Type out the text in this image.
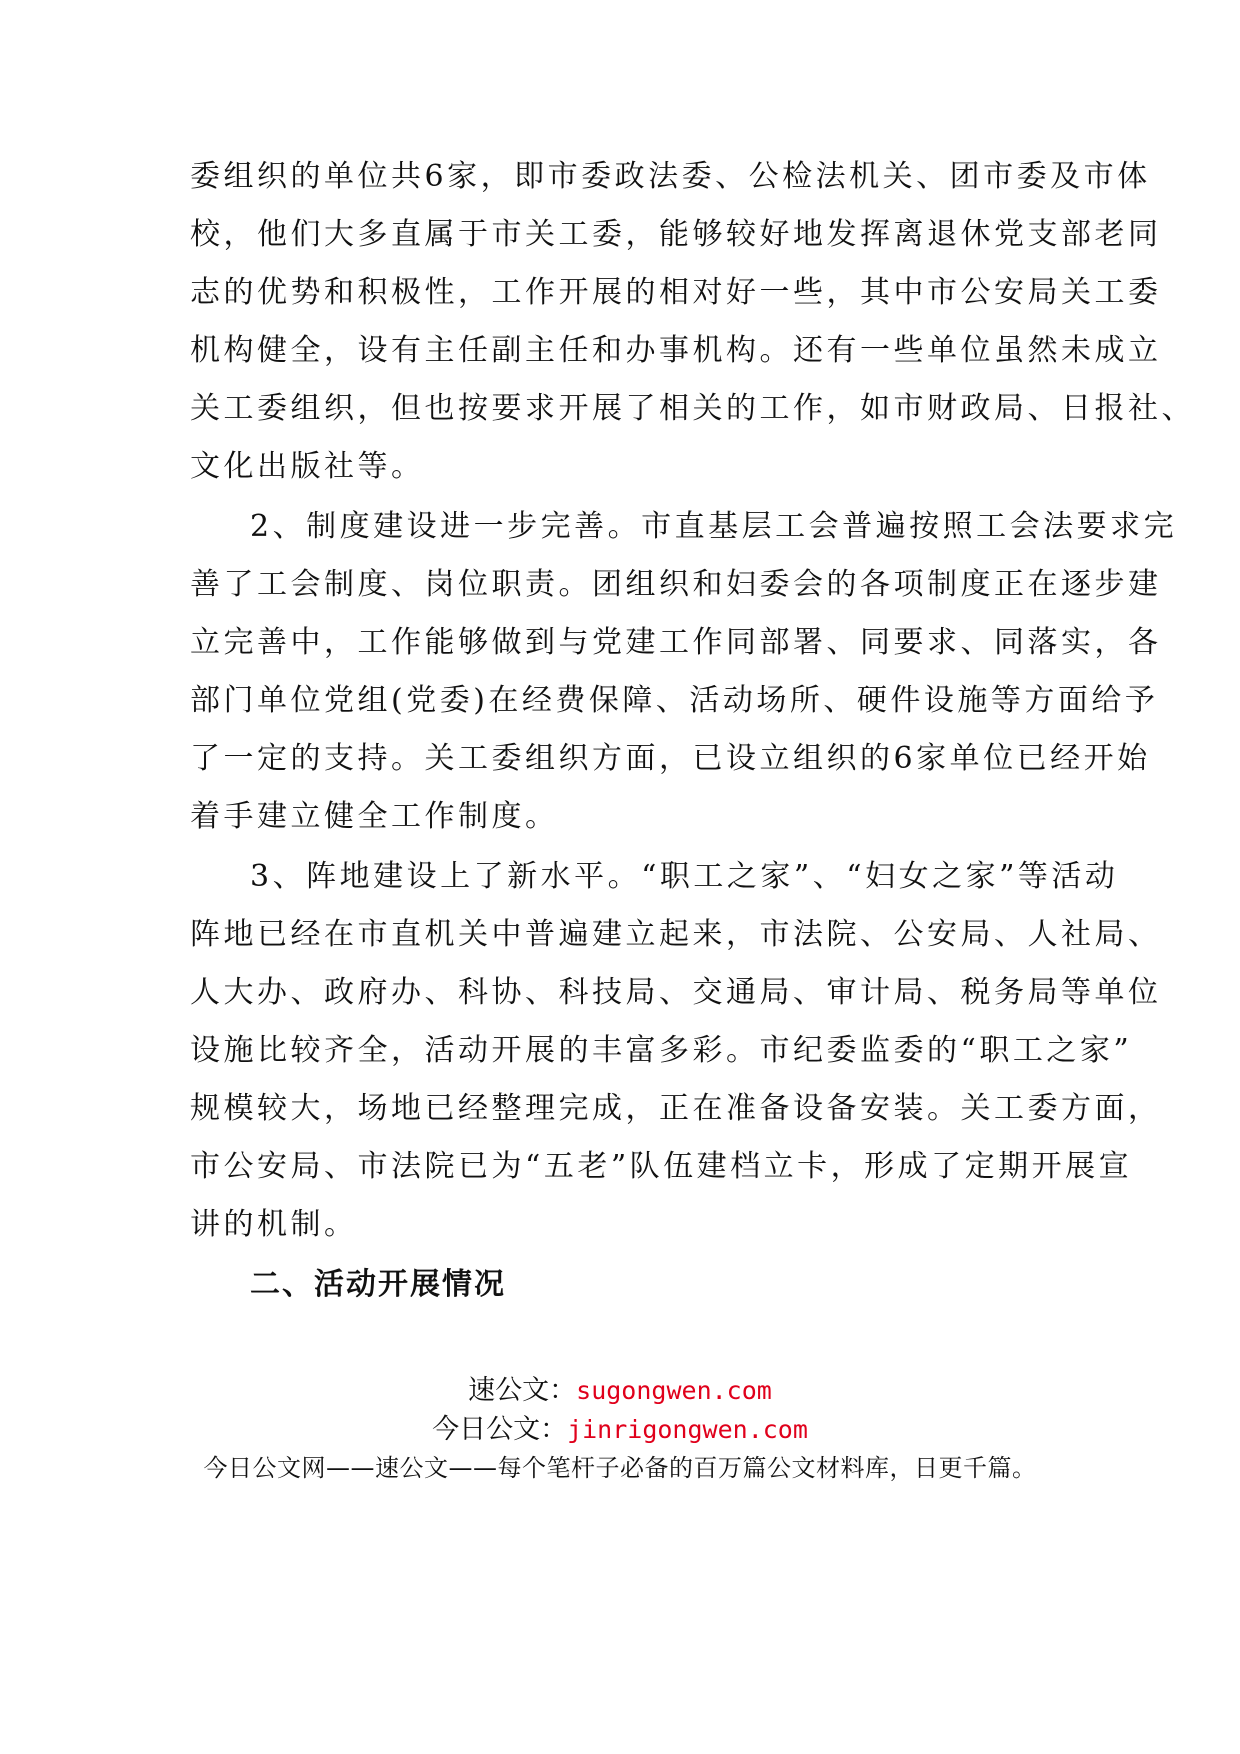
委组织的单位共6家，即市委政法委、公检法机关、团市委及市体
校，他们大多直属于市关工委，能够较好地发挥离退休党支部老同
志的优势和积极性，工作开展的相对好一些，其中市公安局关工委
机构健全，设有主任副主任和办事机构。还有一些单位虽然未成立
关工委组织，但也按要求开展了相关的工作，如市财政局、日报社、
文化出版社等。
2、制度建设进一步完善。市直基层工会普遍按照工会法要求完
善了工会制度、岗位职责。团组织和妇委会的各项制度正在逐步建
立完善中，工作能够做到与党建工作同部署、同要求、同落实，各
部门单位党组(党委)在经费保障、活动场所、硬件设施等方面给予
了一定的支持。关工委组织方面，已设立组织的6家单位已经开始
着手建立健全工作制度。
3、阵地建设上了新水平。“职工之家”、“妇女之家”等活动
阵地已经在市直机关中普遍建立起来，市法院、公安局、人社局、
人大办、政府办、科协、科技局、交通局、审计局、税务局等单位
设施比较齐全，活动开展的丰富多彩。市纪委监委的“职工之家”
规模较大，场地已经整理完成，正在准备设备安装。关工委方面，
市公安局、市法院已为“五老”队伍建档立卡，形成了定期开展宣
讲的机制。
二、活动开展情况
速公文：sugongwen.com
今日公文：jinrigongwen.com
今日公文网——速公文——每个笔杆子必备的百万篇公文材料库，日更千篇。
